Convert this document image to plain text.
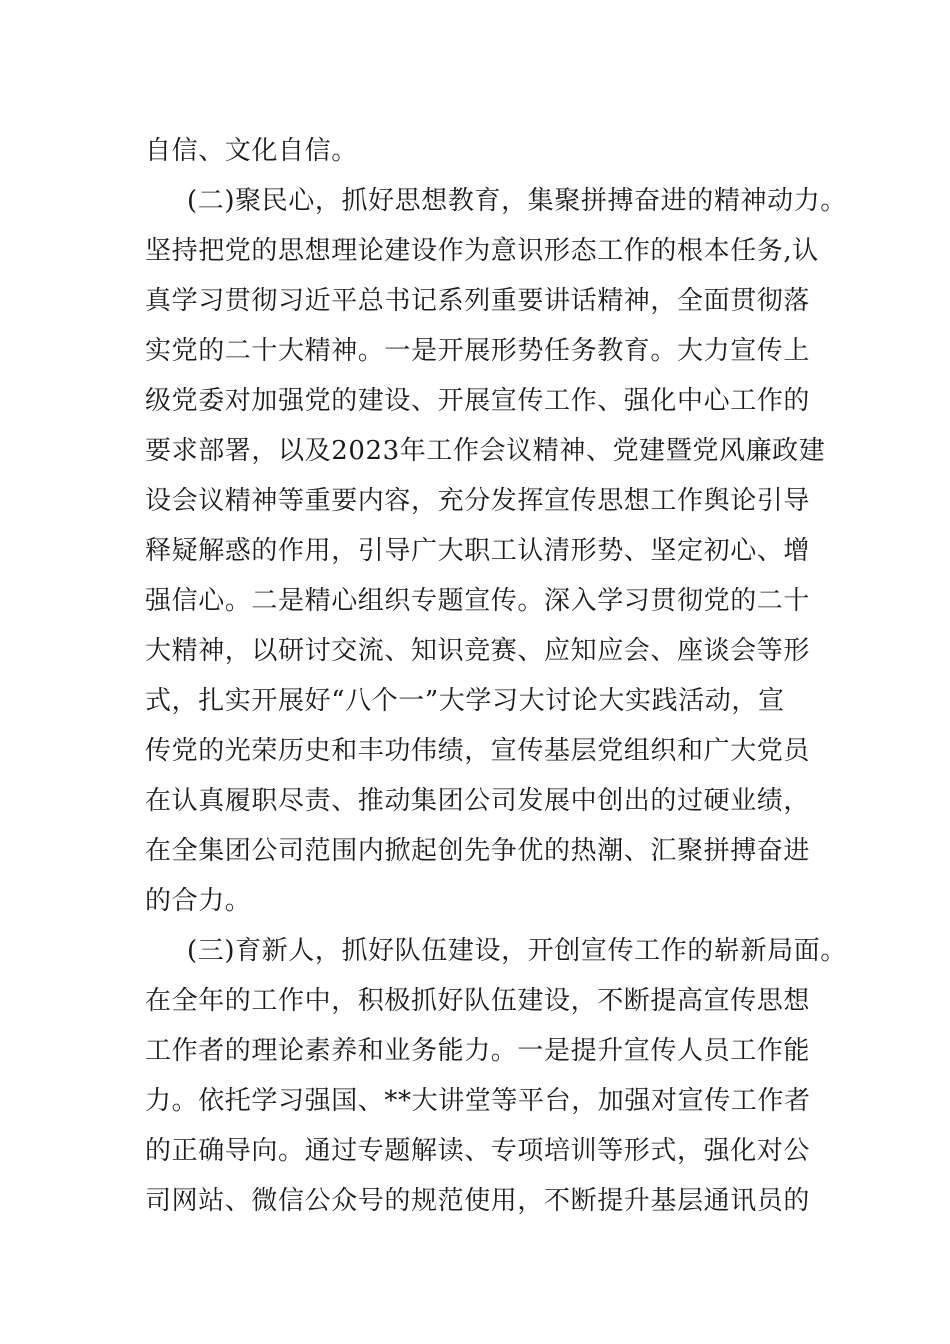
自信、文化自信。
(二)聚民心，抓好思想教育，集聚拼搏奋进的精神动力。
坚持把党的思想理论建设作为意识形态工作的根本任务,认
真学习贯彻习近平总书记系列重要讲话精神，全面贯彻落
实党的二十大精神。一是开展形势任务教育。大力宣传上
级党委对加强党的建设、开展宣传工作、强化中心工作的
要求部署，以及2023年工作会议精神、党建暨党风廉政建
设会议精神等重要内容，充分发挥宣传思想工作舆论引导
释疑解惑的作用，引导广大职工认清形势、坚定初心、增
强信心。二是精心组织专题宣传。深入学习贯彻党的二十
大精神，以研讨交流、知识竞赛、应知应会、座谈会等形
式，扎实开展好“八个一”大学习大讨论大实践活动，宣
传党的光荣历史和丰功伟绩，宣传基层党组织和广大党员
在认真履职尽责、推动集团公司发展中创出的过硬业绩，
在全集团公司范围内掀起创先争优的热潮、汇聚拼搏奋进
的合力。
(三)育新人，抓好队伍建设，开创宣传工作的崭新局面。
在全年的工作中，积极抓好队伍建设，不断提高宣传思想
工作者的理论素养和业务能力。一是提升宣传人员工作能
力。依托学习强国、**大讲堂等平台，加强对宣传工作者
的正确导向。通过专题解读、专项培训等形式，强化对公
司网站、微信公众号的规范使用，不断提升基层通讯员的
